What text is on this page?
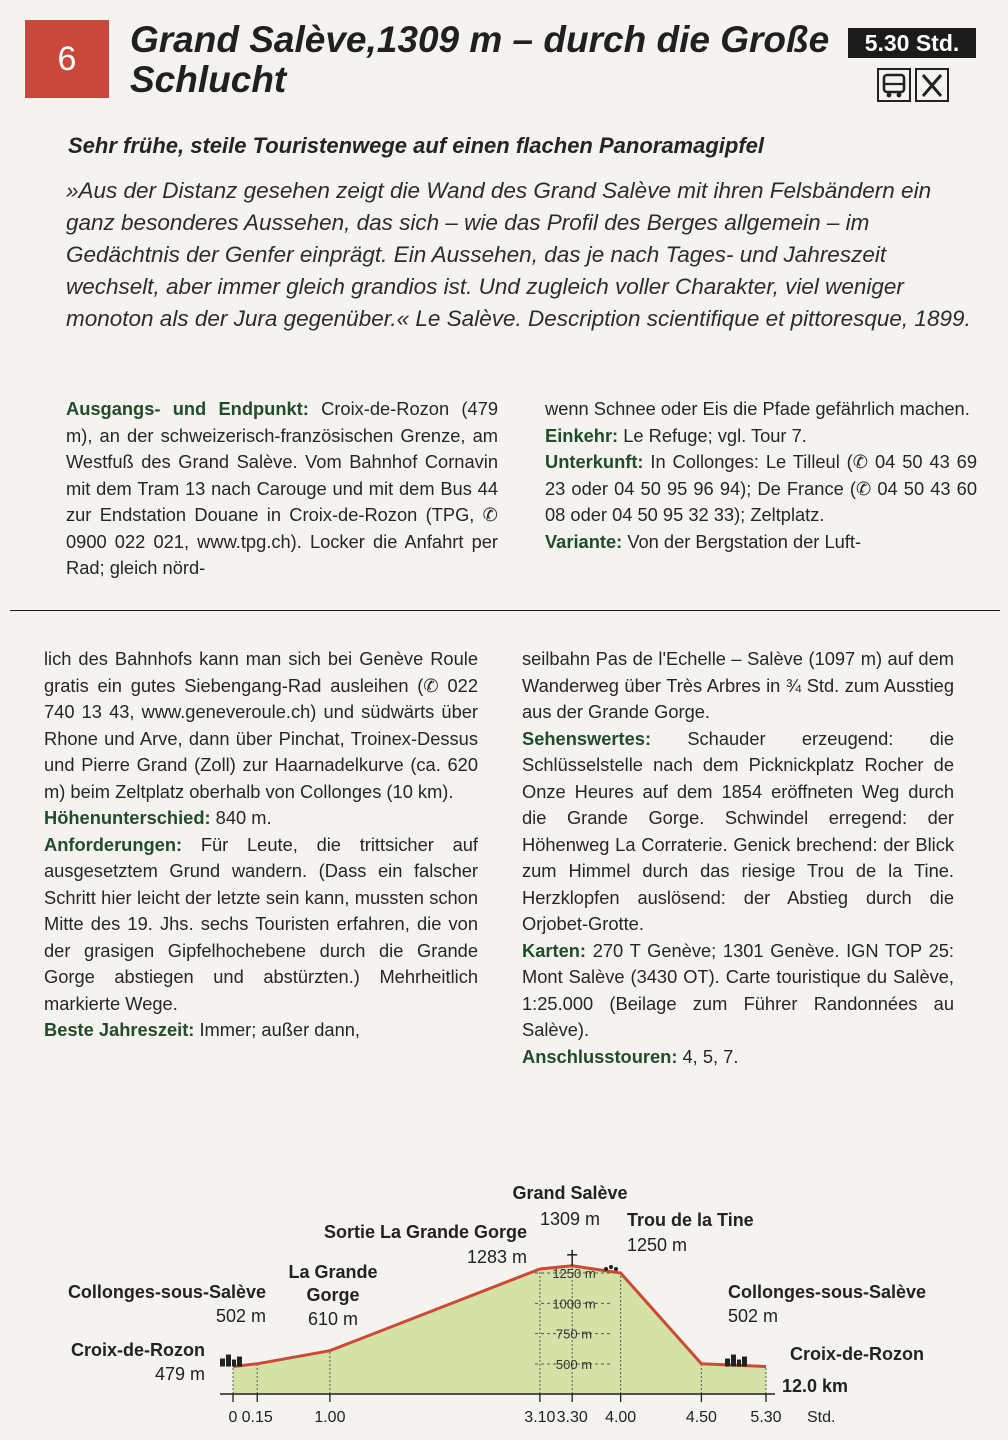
6	Grand Salève,1309 m – durch die Große Schlucht
5.30 Std.
Sehr frühe, steile Touristenwege auf einen flachen Panoramagipfel
»Aus der Distanz gesehen zeigt die Wand des Grand Salève mit ihren Felsbändern ein ganz besonderes Aussehen, das sich – wie das Profil des Berges allgemein – im Gedächtnis der Genfer einprägt. Ein Aussehen, das je nach Tages- und Jahreszeit wechselt, aber immer gleich grandios ist. Und zugleich voller Charakter, viel weniger monoton als der Jura gegenüber.« Le Salève. Description scientifique et pittoresque, 1899.
Ausgangs- und Endpunkt: Croix-de-Rozon (479 m), an der schweizerisch-französischen Grenze, am Westfuß des Grand Salève. Vom Bahnhof Cornavin mit dem Tram 13 nach Carouge und mit dem Bus 44 zur Endstation Douane in Croix-de-Rozon (TPG, ✆ 0900 022 021, www.tpg.ch). Locker die Anfahrt per Rad; gleich nörd-
wenn Schnee oder Eis die Pfade gefährlich machen.
Einkehr: Le Refuge; vgl. Tour 7.
Unterkunft: In Collonges: Le Tilleul (✆ 04 50 43 69 23 oder 04 50 95 96 94); De France (✆ 04 50 43 60 08 oder 04 50 95 32 33); Zeltplatz.
Variante: Von der Bergstation der Luft-
lich des Bahnhofs kann man sich bei Genève Roule gratis ein gutes Siebengang-Rad ausleihen (✆ 022 740 13 43, www.geneveroule.ch) und südwärts über Rhone und Arve, dann über Pinchat, Troinex-Dessus und Pierre Grand (Zoll) zur Haarnadelkurve (ca. 620 m) beim Zeltplatz oberhalb von Collonges (10 km).
Höhenunterschied: 840 m.
Anforderungen: Für Leute, die trittsicher auf ausgesetztem Grund wandern. (Dass ein falscher Schritt hier leicht der letzte sein kann, mussten schon Mitte des 19. Jhs. sechs Touristen erfahren, die von der grasigen Gipfelhochebene durch die Grande Gorge abstiegen und abstürzten.) Mehrheitlich markierte Wege.
Beste Jahreszeit: Immer; außer dann,
seilbahn Pas de l'Echelle – Salève (1097 m) auf dem Wanderweg über Très Arbres in ¾ Std. zum Ausstieg aus der Grande Gorge.
Sehenswertes: Schauder erzeugend: die Schlüsselstelle nach dem Picknickplatz Rocher de Onze Heures auf dem 1854 eröffneten Weg durch die Grande Gorge. Schwindel erregend: der Höhenweg La Corraterie. Genick brechend: der Blick zum Himmel durch das riesige Trou de la Tine. Herzklopfen auslösend: der Abstieg durch die Orjobet-Grotte.
Karten: 270 T Genève; 1301 Genève. IGN TOP 25: Mont Salève (3430 OT). Carte touristique du Salève, 1:25.000 (Beilage zum Führer Randonnées au Salève).
Anschlusstouren: 4, 5, 7.
500 m
750 m
1000 m
1250 m
0 0.15	1.00	3.10 3.30 4.00	4.50 5.30 Std.
12.0 km
Croix-de-Rozon
479 m
Collonges-sous-Salève
502 m
La Grande Gorge
610 m
Sortie La Grande Gorge
1283 m
Grand Salève
1309 m Trou de la Tine
1250 m
Collonges-sous-Salève
502 m
Croix-de-Rozon
